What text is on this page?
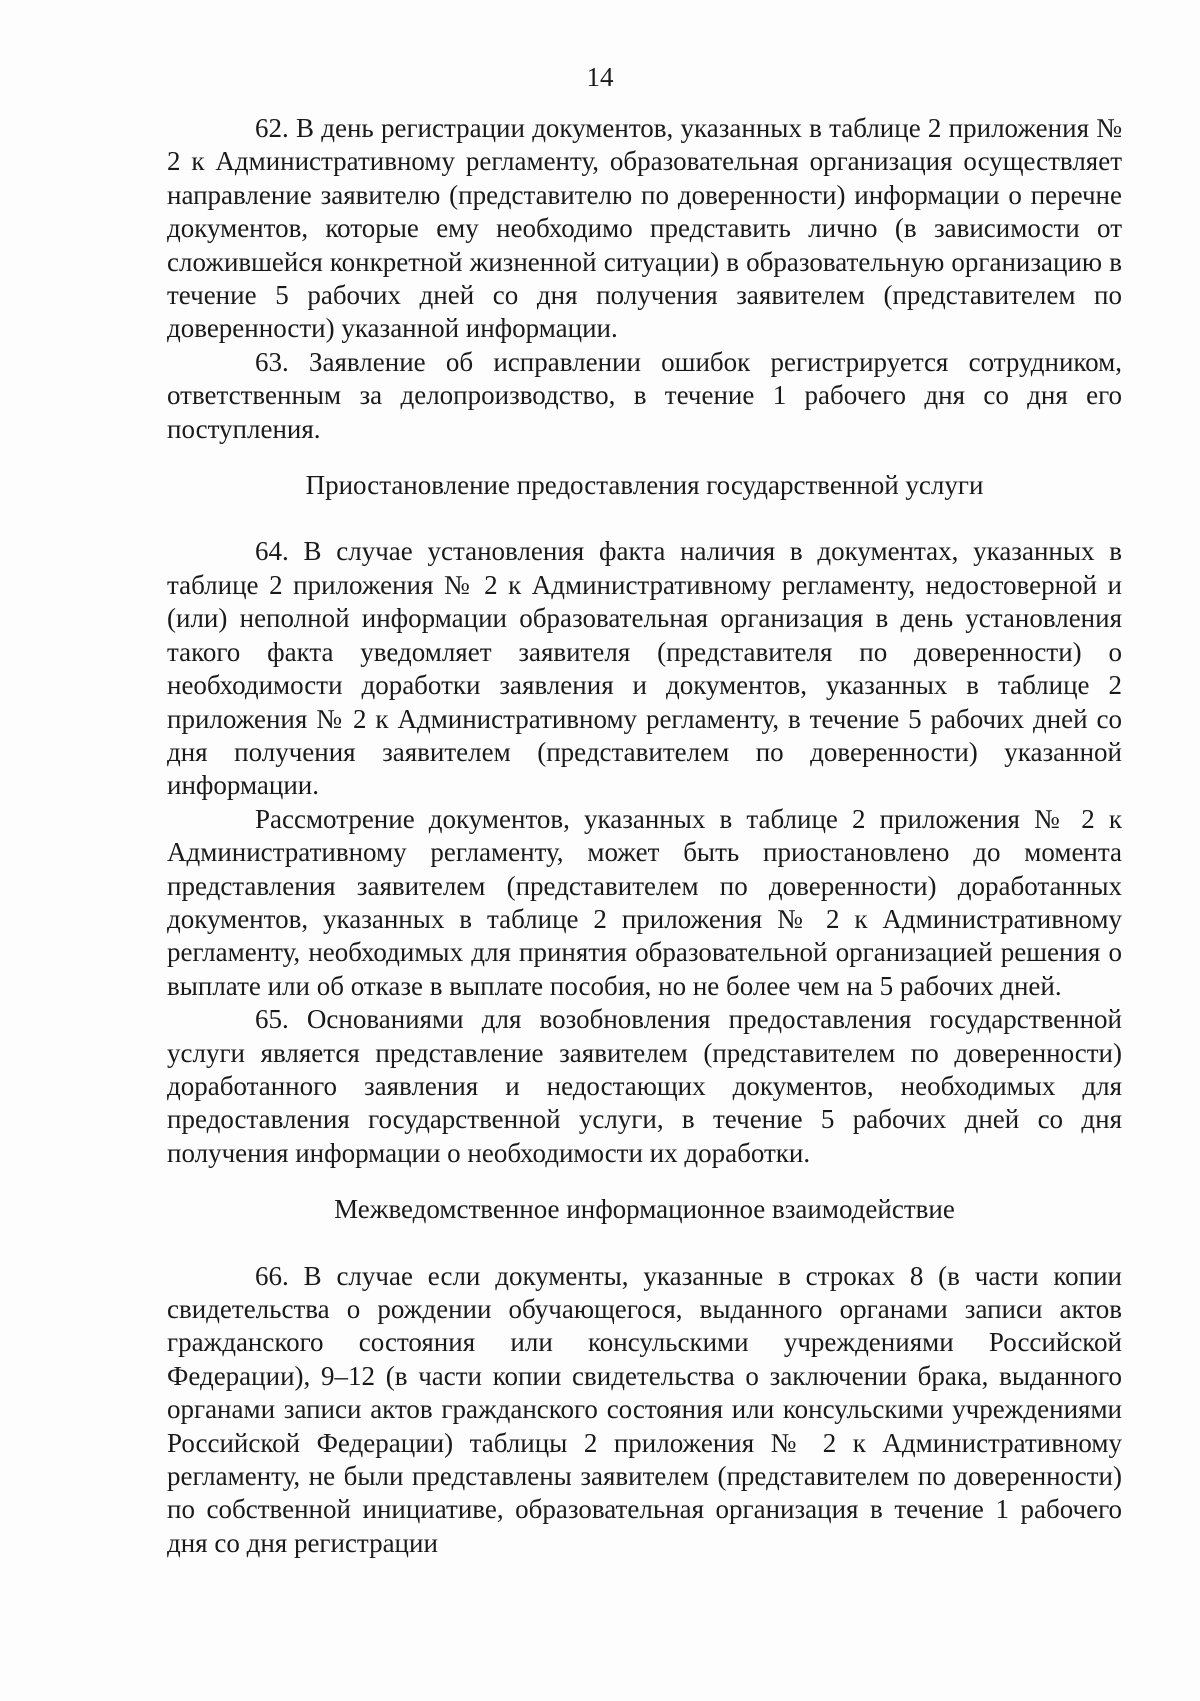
14

62. В день регистрации документов, указанных в таблице 2 приложения № 2 к Административному регламенту, образовательная организация осуществляет направление заявителю (представителю по доверенности) информации о перечне документов, которые ему необходимо представить лично (в зависимости от сложившейся конкретной жизненной ситуации) в образовательную организацию в течение 5 рабочих дней со дня получения заявителем (представителем по доверенности) указанной информации.

63. Заявление об исправлении ошибок регистрируется сотрудником, ответственным за делопроизводство, в течение 1 рабочего дня со дня его поступления.

Приостановление предоставления государственной услуги

64. В случае установления факта наличия в документах, указанных в таблице 2 приложения № 2 к Административному регламенту, недостоверной и (или) неполной информации образовательная организация в день установления такого факта уведомляет заявителя (представителя по доверенности) о необходимости доработки заявления и документов, указанных в таблице 2 приложения № 2 к Административному регламенту, в течение 5 рабочих дней со дня получения заявителем (представителем по доверенности) указанной информации.

Рассмотрение документов, указанных в таблице 2 приложения № 2 к Административному регламенту, может быть приостановлено до момента представления заявителем (представителем по доверенности) доработанных документов, указанных в таблице 2 приложения № 2 к Административному регламенту, необходимых для принятия образовательной организацией решения о выплате или об отказе в выплате пособия, но не более чем на 5 рабочих дней.

65. Основаниями для возобновления предоставления государственной услуги является представление заявителем (представителем по доверенности) доработанного заявления и недостающих документов, необходимых для предоставления государственной услуги, в течение 5 рабочих дней со дня получения информации о необходимости их доработки.

Межведомственное информационное взаимодействие

66. В случае если документы, указанные в строках 8 (в части копии свидетельства о рождении обучающегося, выданного органами записи актов гражданского состояния или консульскими учреждениями Российской Федерации), 9–12 (в части копии свидетельства о заключении брака, выданного органами записи актов гражданского состояния или консульскими учреждениями Российской Федерации) таблицы 2 приложения № 2 к Административному регламенту, не были представлены заявителем (представителем по доверенности) по собственной инициативе, образовательная организация в течение 1 рабочего дня со дня регистрации
